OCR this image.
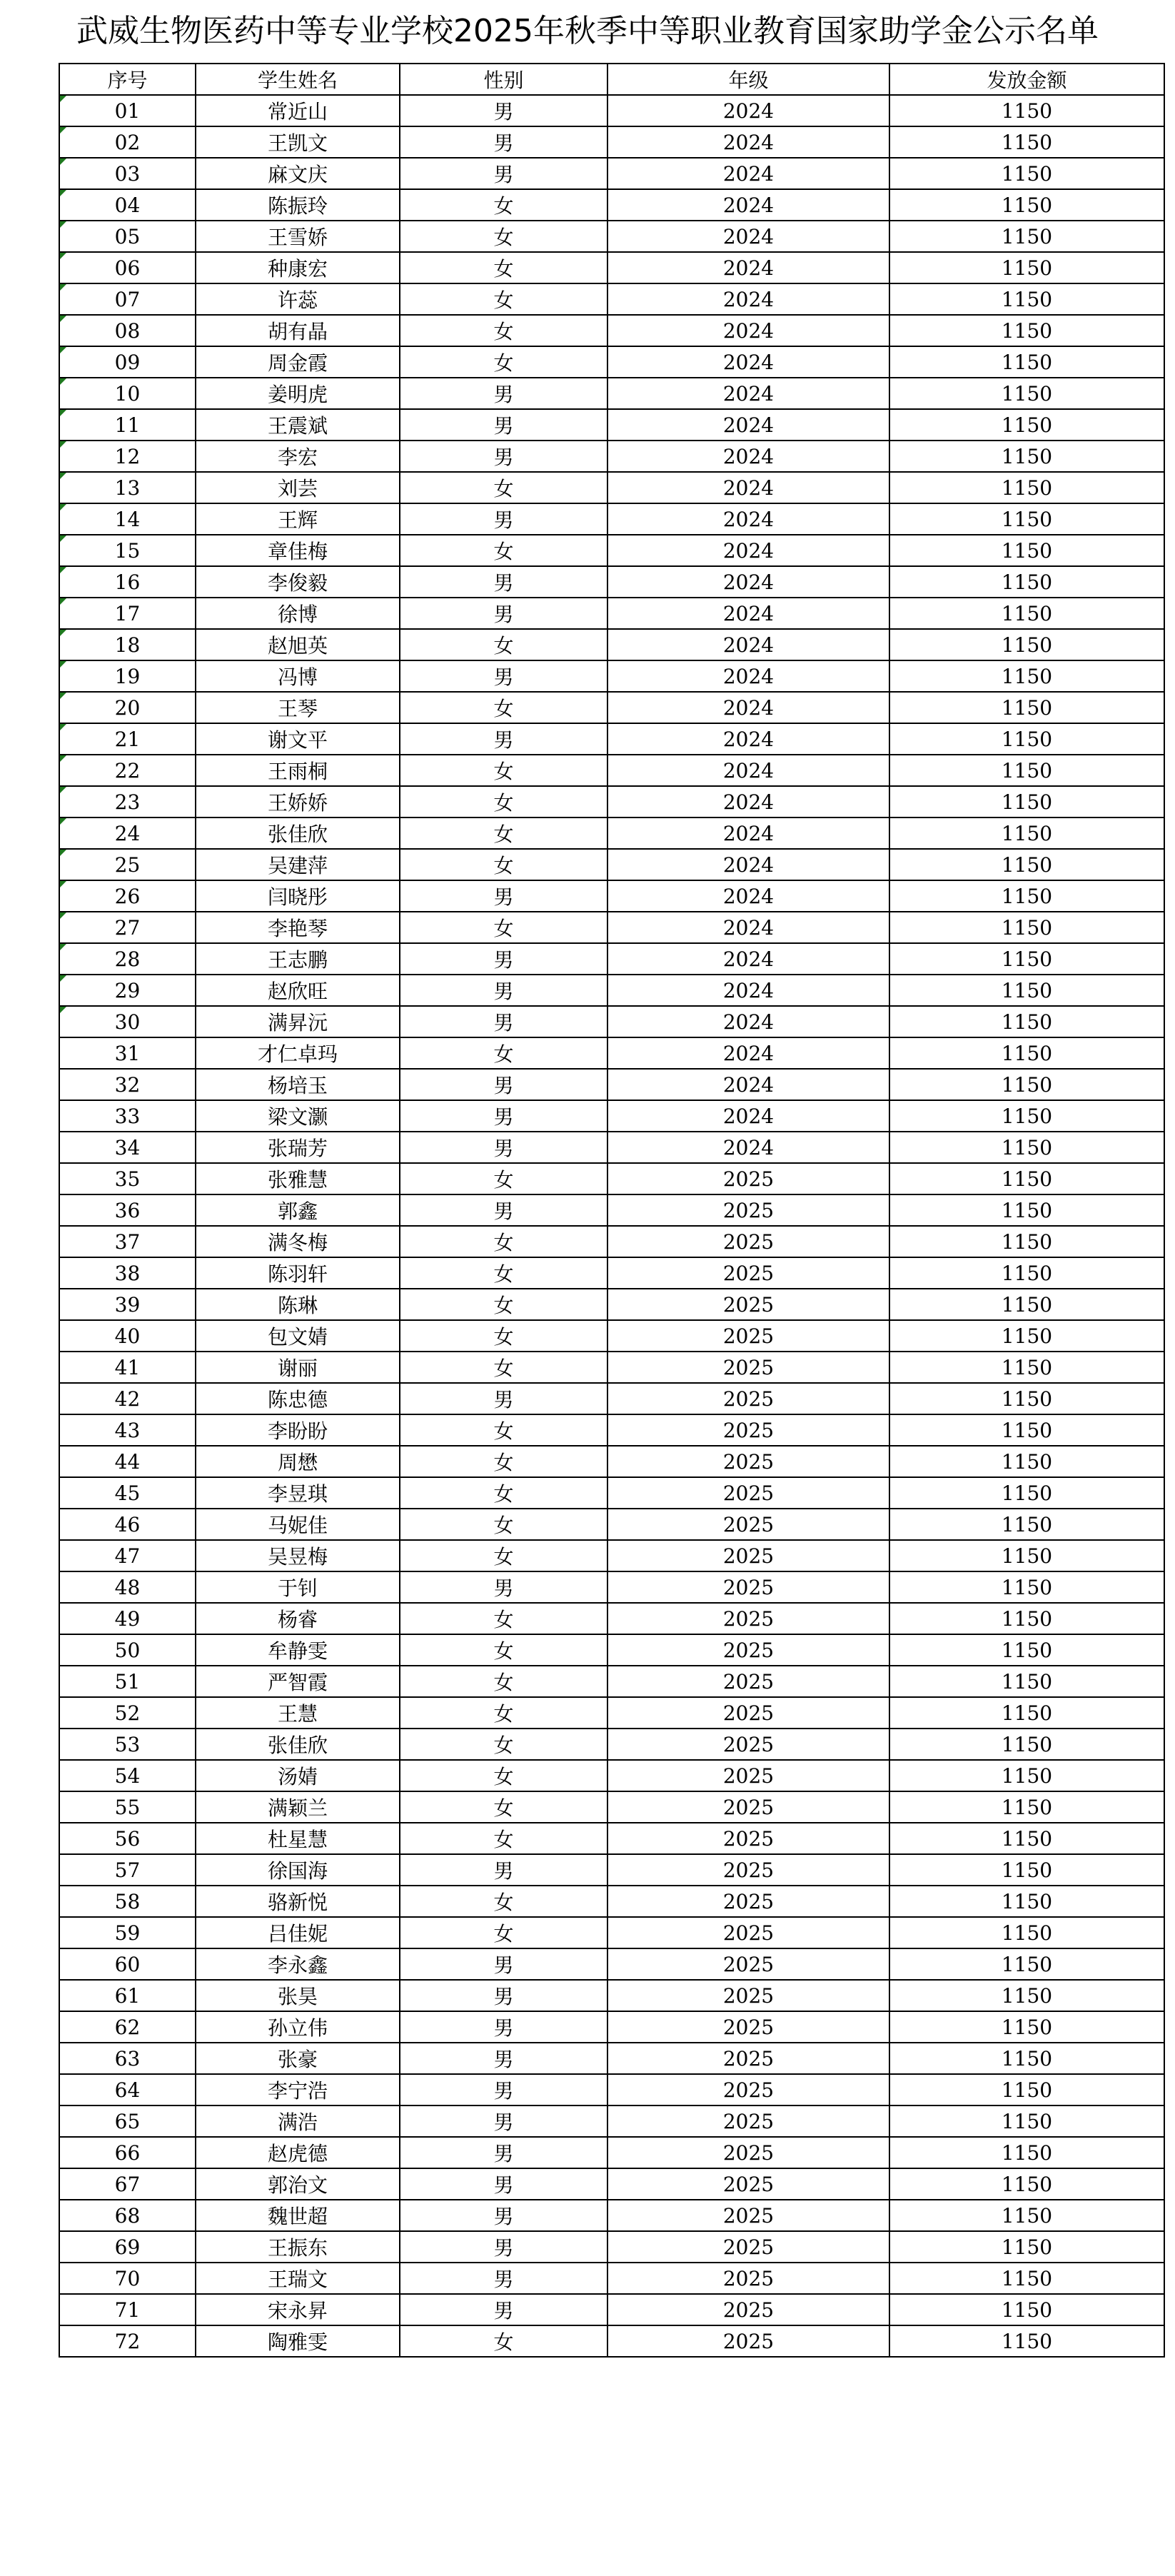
武威生物医药中等专业学校2025年秋季中等职业教育国家助学金公示名单
序号	学生姓名	性别	年级	发放金额

01	常近山	男	2024	1150

02	王凯文	男	2024	1150

03	麻文庆	男	2024	1150

04	陈振玲	女	2024	1150

05	王雪娇	女	2024	1150

06	种康宏	女	2024	1150

07	许蕊	女	2024	1150

08	胡有晶	女	2024	1150

09	周金霞	女	2024	1150

10	姜明虎	男	2024	1150

11	王震斌	男	2024	1150

12	李宏	男	2024	1150

13	刘芸	女	2024	1150

14	王辉	男	2024	1150

15	章佳梅	女	2024	1150

16	李俊毅	男	2024	1150

17	徐博	男	2024	1150

18	赵旭英	女	2024	1150

19	冯博	男	2024	1150

20	王琴	女	2024	1150

21	谢文平	男	2024	1150

22	王雨桐	女	2024	1150

23	王娇娇	女	2024	1150

24	张佳欣	女	2024	1150

25	吴建萍	女	2024	1150

26	闫晓彤	男	2024	1150

27	李艳琴	女	2024	1150

28	王志鹏	男	2024	1150

29	赵欣旺	男	2024	1150

30	满昇沅	男	2024	1150
31	才仁卓玛	女	2024	1150
32	杨培玉	男	2024	1150
33	梁文灏	男	2024	1150
34	张瑞芳	男	2024	1150
35	张雅慧	女	2025	1150
36	郭鑫	男	2025	1150
37	满冬梅	女	2025	1150
38	陈羽轩	女	2025	1150
39	陈琳	女	2025	1150
40	包文婧	女	2025	1150
41	谢丽	女	2025	1150
42	陈忠德	男	2025	1150
43	李盼盼	女	2025	1150
44	周懋	女	2025	1150
45	李昱琪	女	2025	1150
46	马妮佳	女	2025	1150
47	吴昱梅	女	2025	1150
48	于钊	男	2025	1150
49	杨睿	女	2025	1150
50	牟静雯	女	2025	1150
51	严智霞	女	2025	1150
52	王慧	女	2025	1150
53	张佳欣	女	2025	1150
54	汤婧	女	2025	1150
55	满颖兰	女	2025	1150
56	杜星慧	女	2025	1150
57	徐国海	男	2025	1150
58	骆新悦	女	2025	1150
59	吕佳妮	女	2025	1150
60	李永鑫	男	2025	1150
61	张昊	男	2025	1150
62	孙立伟	男	2025	1150
63	张豪	男	2025	1150
64	李宁浩	男	2025	1150
65	满浩	男	2025	1150
66	赵虎德	男	2025	1150
67	郭治文	男	2025	1150
68	魏世超	男	2025	1150
69	王振东	男	2025	1150
70	王瑞文	男	2025	1150
71	宋永昇	男	2025	1150
72	陶雅雯	女	2025	1150
